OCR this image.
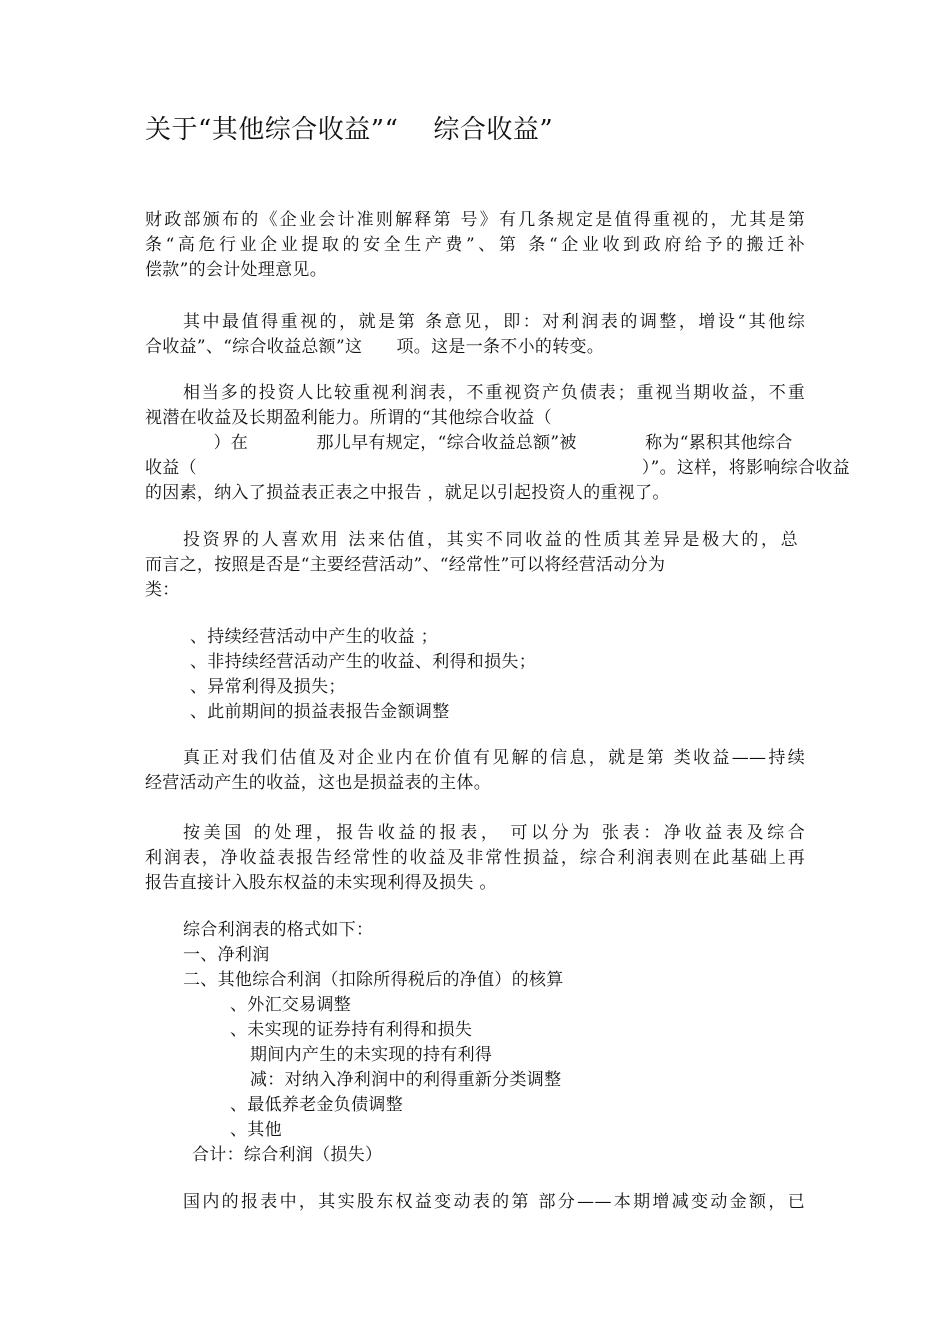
关于“其他综合收益”“    综合收益”
财政部颁布的《企业会计准则解释第 号》有几条规定是值得重视的，尤其是第
条“高危行业企业提取的安全生产费”、第 条“企业收到政府给予的搬迁补
偿款”的会计处理意见。
其中最值得重视的，就是第 条意见，即：对利润表的调整，增设“其他综
合收益”、“综合收益总额”这      项。这是一条不小的转变。
相当多的投资人比较重视利润表，不重视资产负债表；重视当期收益，不重
视潜在收益及长期盈利能力。所谓的“其他综合收益（
）在            那儿早有规定，“综合收益总额”被            称为“累积其他综合
收益（                                                                              ）”。这样，将影响综合收益
的因素，纳入了损益表正表之中报告 ，就足以引起投资人的重视了。
投资界的人喜欢用 法来估值，其实不同收益的性质其差异是极大的，总
而言之，按照是否是“主要经营活动”、“经常性”可以将经营活动分为
类：
、持续经营活动中产生的收益 ；
、非持续经营活动产生的收益、利得和损失；
、异常利得及损失；
、此前期间的损益表报告金额调整
真正对我们估值及对企业内在价值有见解的信息，就是第 类收益——持续
经营活动产生的收益，这也是损益表的主体。
按美国 的处理，报告收益的报表， 可以分为 张表：净收益表及综合
利润表，净收益表报告经常性的收益及非常性损益，综合利润表则在此基础上再
报告直接计入股东权益的未实现利得及损失 。
综合利润表的格式如下：
一、净利润
二、其他综合利润（扣除所得税后的净值）的核算
、外汇交易调整
、未实现的证券持有利得和损失
期间内产生的未实现的持有利得
减：对纳入净利润中的利得重新分类调整
、最低养老金负债调整
、其他
合计：综合利润（损失）
国内的报表中，其实股东权益变动表的第 部分——本期增减变动金额，已
